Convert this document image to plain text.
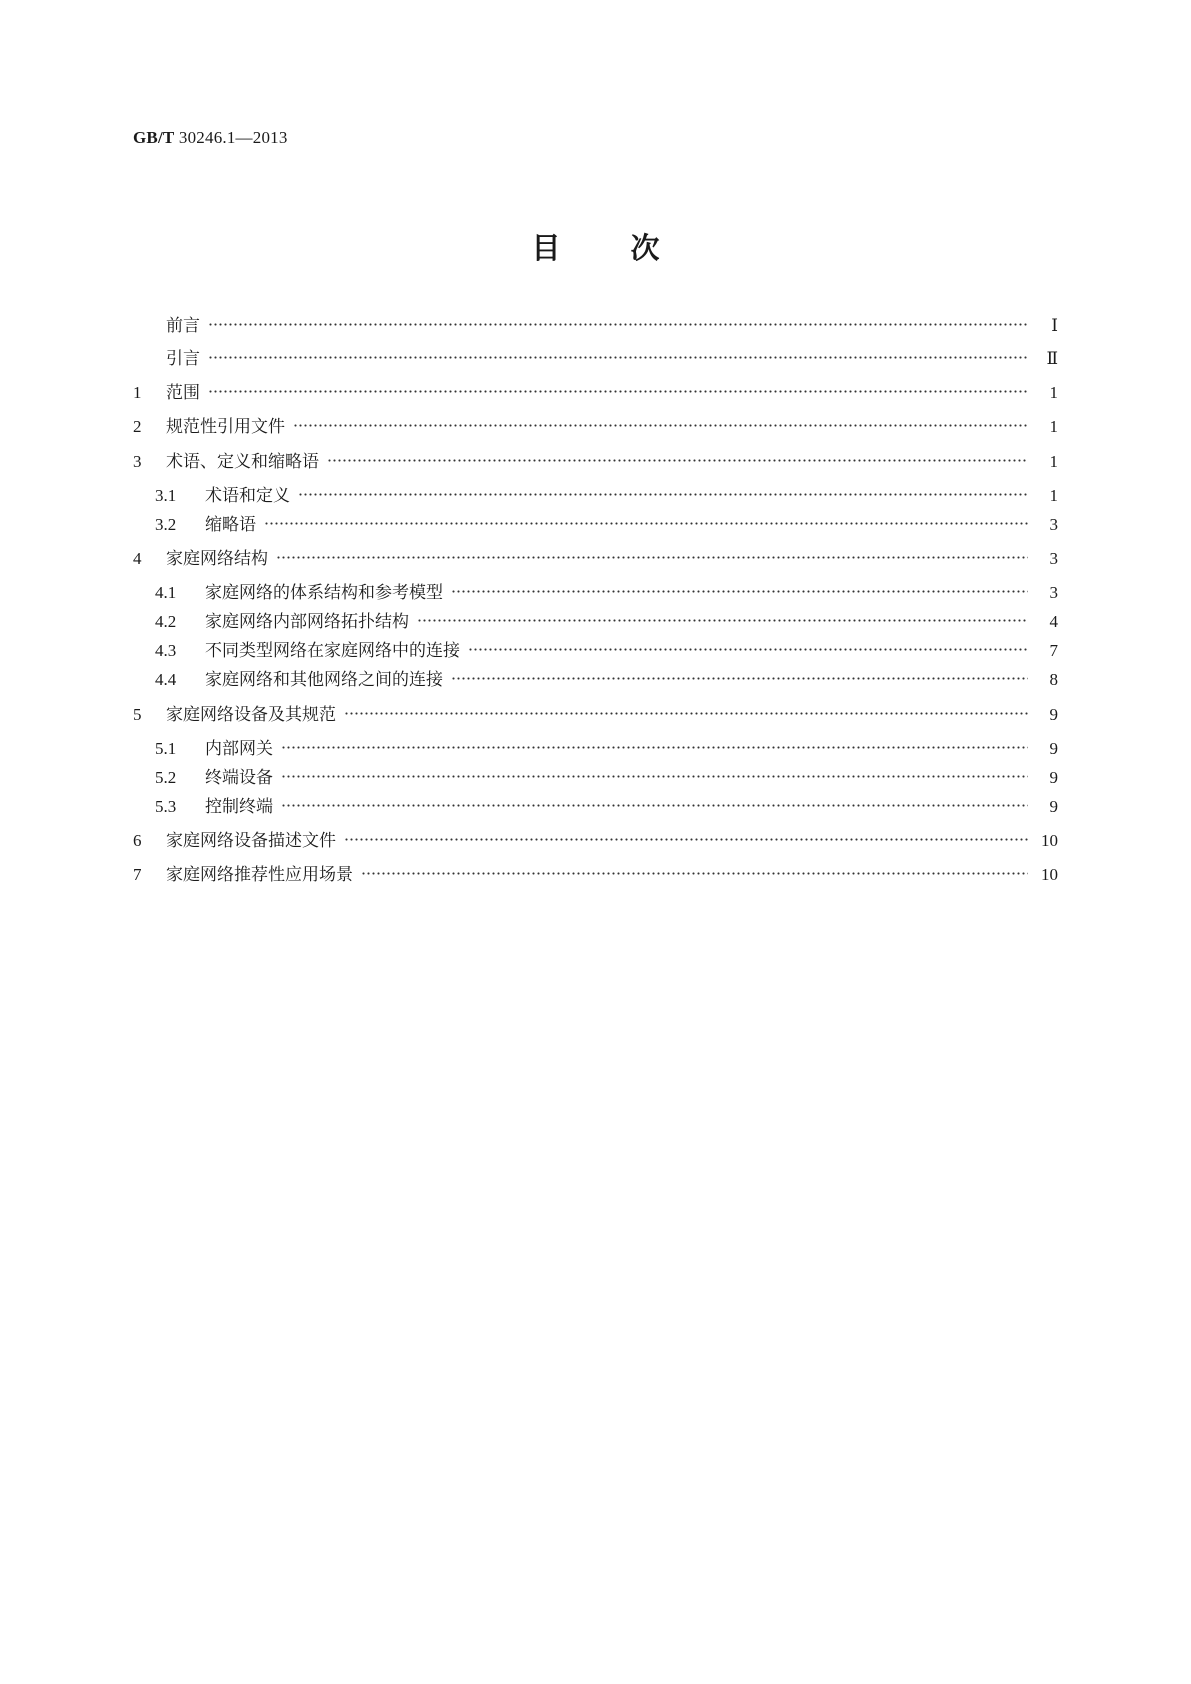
GB/T 30246.1—2013
目次
前言	Ⅰ
引言	Ⅱ
1	范围	1
2	规范性引用文件	1
3	术语、定义和缩略语	1
3.1	术语和定义	1
3.2	缩略语	3
4	家庭网络结构	3
4.1	家庭网络的体系结构和参考模型	3
4.2	家庭网络内部网络拓扑结构	4
4.3	不同类型网络在家庭网络中的连接	7
4.4	家庭网络和其他网络之间的连接	8
5	家庭网络设备及其规范	9
5.1	内部网关	9
5.2	终端设备	9
5.3	控制终端	9
6	家庭网络设备描述文件	10
7	家庭网络推荐性应用场景	10
